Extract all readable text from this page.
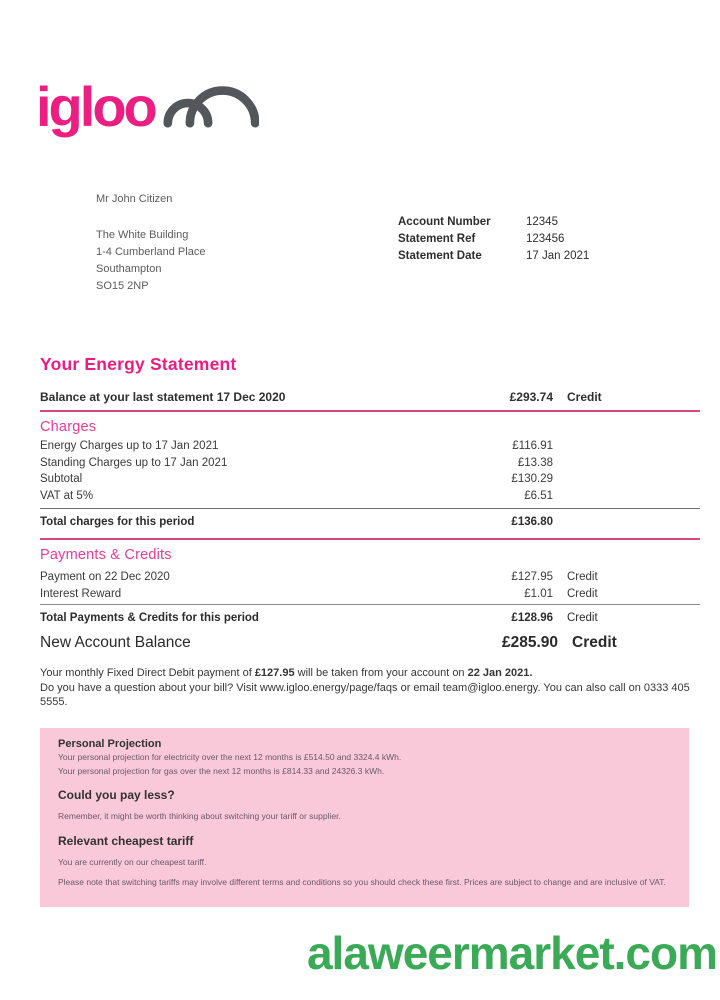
igloo
Mr John Citizen
The White Building
1-4 Cumberland Place
Southampton
SO15 2NP
Account Number	12345
Statement Ref	123456
Statement Date	17 Jan 2021
Your Energy Statement
Balance at your last statement 17 Dec 2020	£293.74	Credit
Charges
Energy Charges up to 17 Jan 2021	£116.91
Standing Charges up to 17 Jan 2021	£13.38
Subtotal	£130.29
VAT at 5%	£6.51
Total charges for this period	£136.80
Payments & Credits
Payment on 22 Dec 2020	£127.95	Credit
Interest Reward	£1.01	Credit
Total Payments & Credits for this period	£128.96	Credit
New Account Balance	£285.90 Credit
Your monthly Fixed Direct Debit payment of £127.95 will be taken from your account on 22 Jan 2021.
Do you have a question about your bill? Visit www.igloo.energy/page/faqs or email team@igloo.energy. You can also call on 0333 405 5555.
Personal Projection
Your personal projection for electricity over the next 12 months is £514.50 and 3324.4 kWh.
Your personal projection for gas over the next 12 months is £814.33 and 24326.3 kWh.
Could you pay less?
Remember, it might be worth thinking about switching your tariff or supplier.
Relevant cheapest tariff
You are currently on our cheapest tariff.
Please note that switching tariffs may involve different terms and conditions so you should check these first. Prices are subject to change and are inclusive of VAT.
alaweermarket.com
